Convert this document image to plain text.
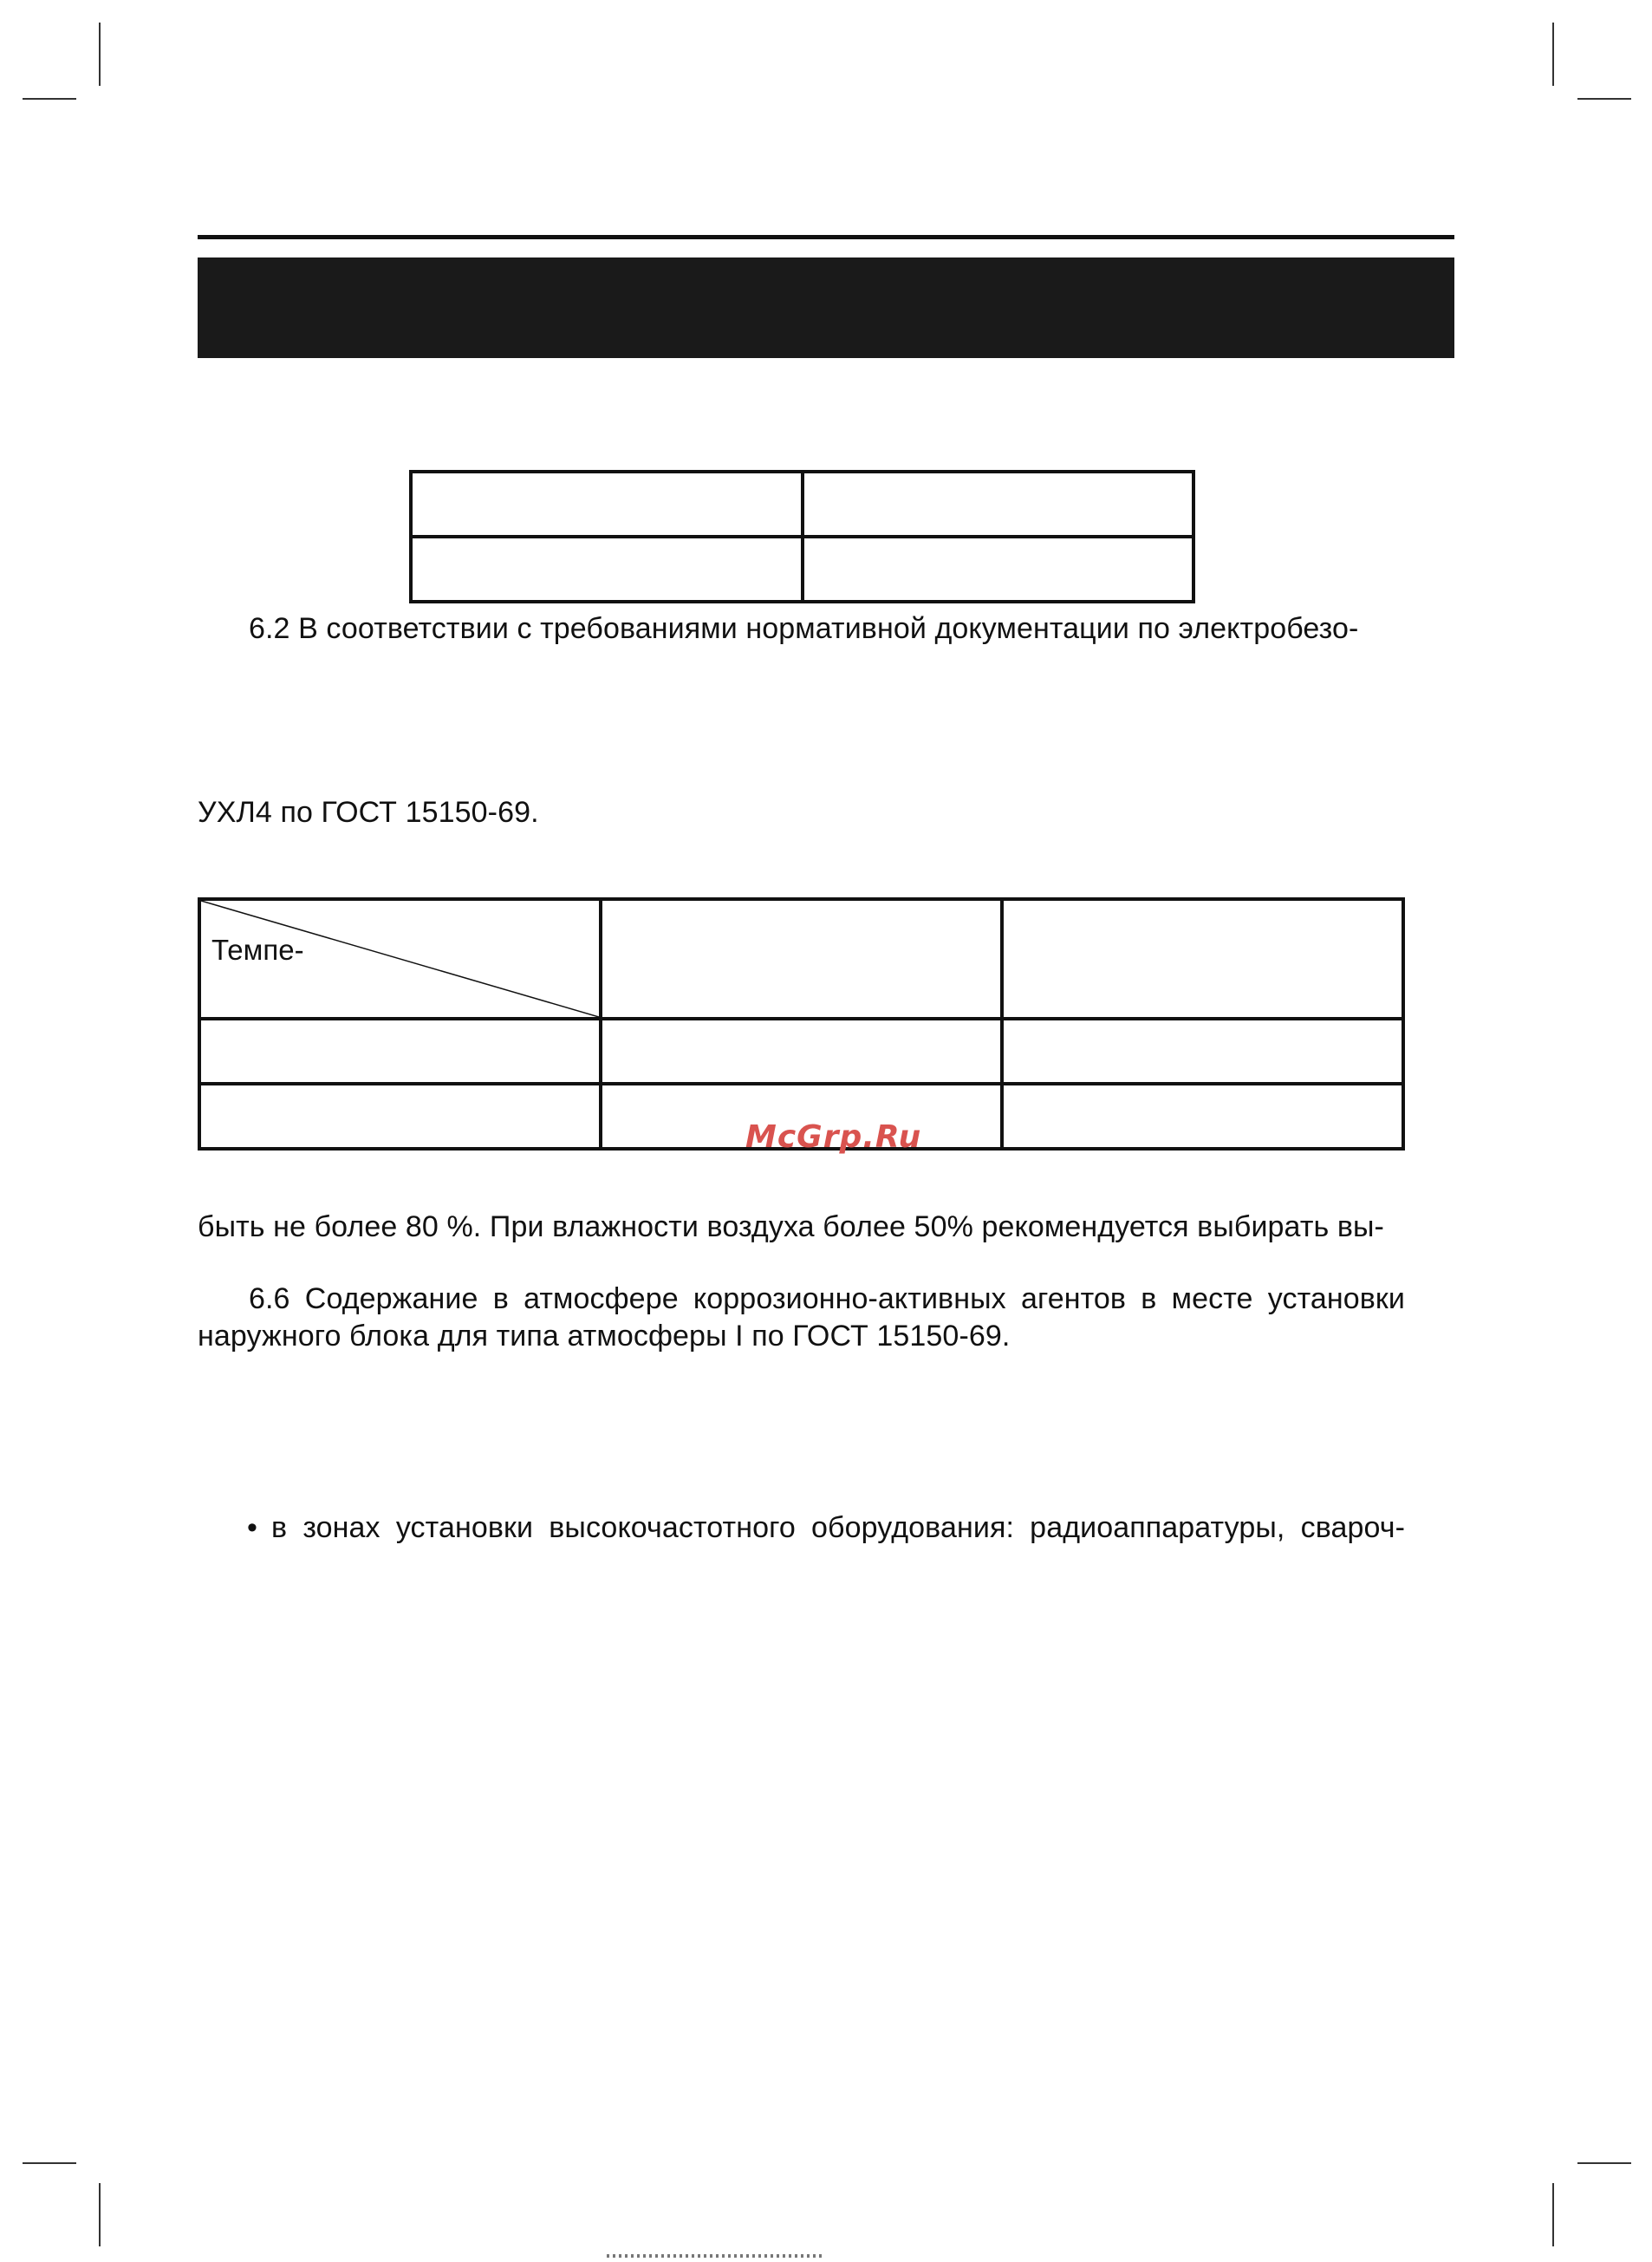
6.2 В соответствии с требованиями нормативной документации по электробезо-
УХЛ4 по ГОСТ 15150-69.
Темпе-		

McGrp.Ru
быть не более 80 %. При влажности воздуха более 50% рекомендуется выбирать вы-
6.6 Содержание в атмосфере коррозионно-активных агентов в месте установки
наружного блока для типа атмосферы I по ГОСТ 15150-69.
• в зонах установки высокочастотного оборудования: радиоаппаратуры, свароч-
